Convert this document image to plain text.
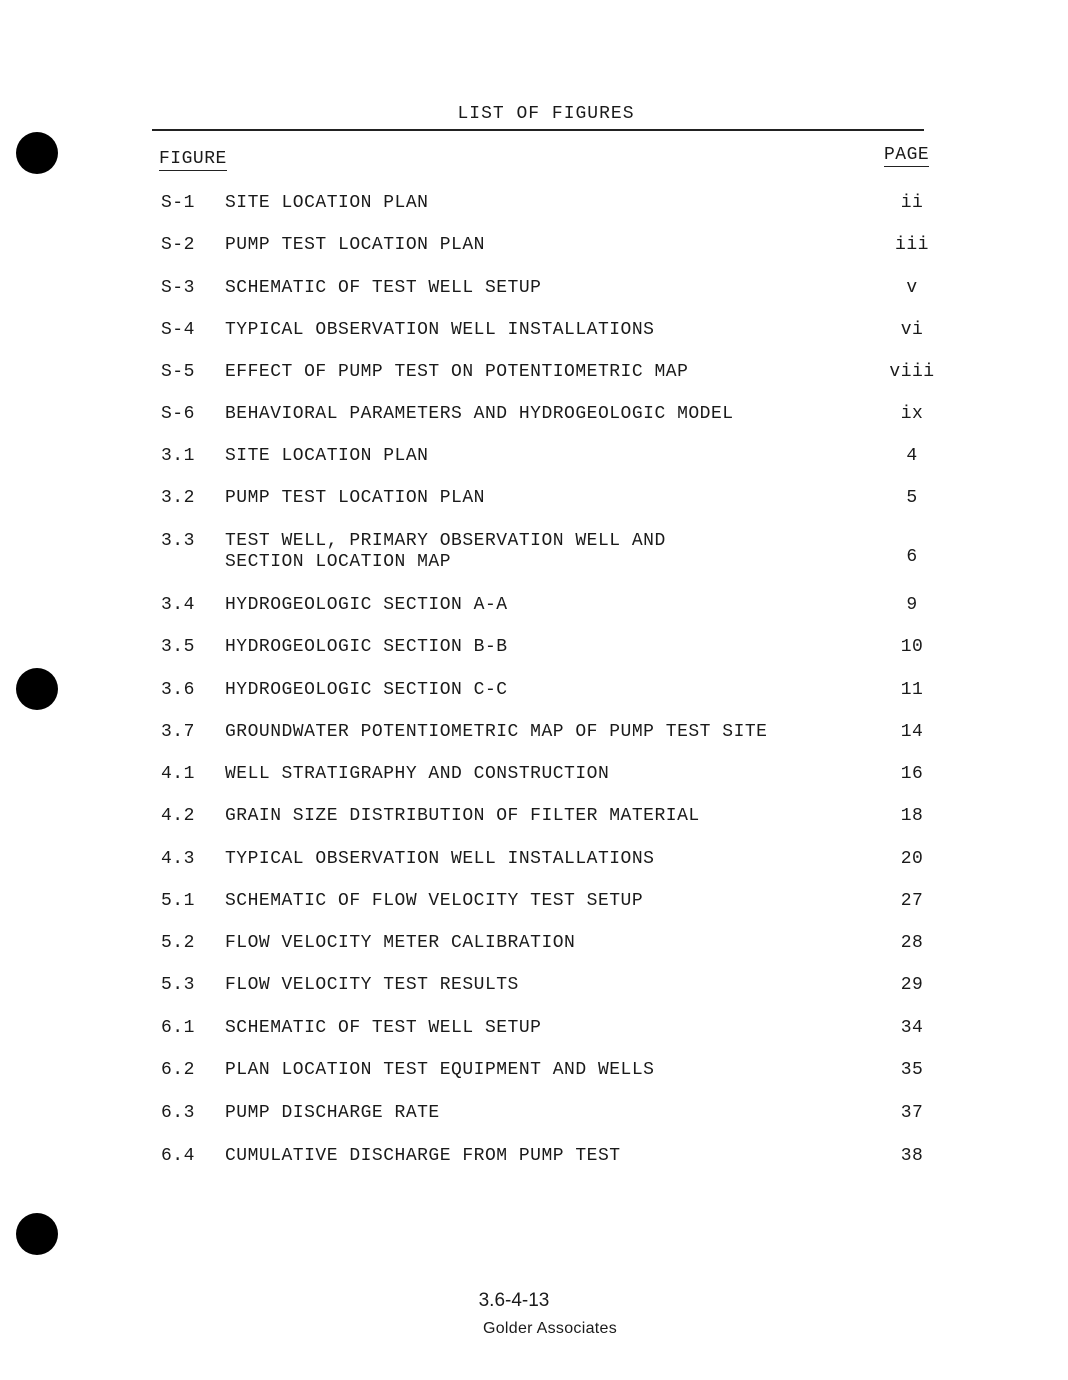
LIST OF FIGURES
FIGURE	PAGE
S-1 SITE LOCATION PLAN	ii
S-2 PUMP TEST LOCATION PLAN	iii
S-3 SCHEMATIC OF TEST WELL SETUP	v
S-4 TYPICAL OBSERVATION WELL INSTALLATIONS	vi
S-5 EFFECT OF PUMP TEST ON POTENTIOMETRIC MAP	viii
S-6 BEHAVIORAL PARAMETERS AND HYDROGEOLOGIC MODEL	ix
3.1 SITE LOCATION PLAN	4
3.2 PUMP TEST LOCATION PLAN	5
3.3 TEST WELL, PRIMARY OBSERVATION WELL AND
SECTION LOCATION MAP	6
3.4 HYDROGEOLOGIC SECTION A-A	9
3.5 HYDROGEOLOGIC SECTION B-B	10
3.6 HYDROGEOLOGIC SECTION C-C	11
3.7 GROUNDWATER POTENTIOMETRIC MAP OF PUMP TEST SITE	14
4.1 WELL STRATIGRAPHY AND CONSTRUCTION	16
4.2 GRAIN SIZE DISTRIBUTION OF FILTER MATERIAL	18
4.3 TYPICAL OBSERVATION WELL INSTALLATIONS	20
5.1 SCHEMATIC OF FLOW VELOCITY TEST SETUP	27
5.2 FLOW VELOCITY METER CALIBRATION	28
5.3 FLOW VELOCITY TEST RESULTS	29
6.1 SCHEMATIC OF TEST WELL SETUP	34
6.2 PLAN LOCATION TEST EQUIPMENT AND WELLS	35
6.3 PUMP DISCHARGE RATE	37
6.4 CUMULATIVE DISCHARGE FROM PUMP TEST	38
3.6-4-13
Golder Associates
